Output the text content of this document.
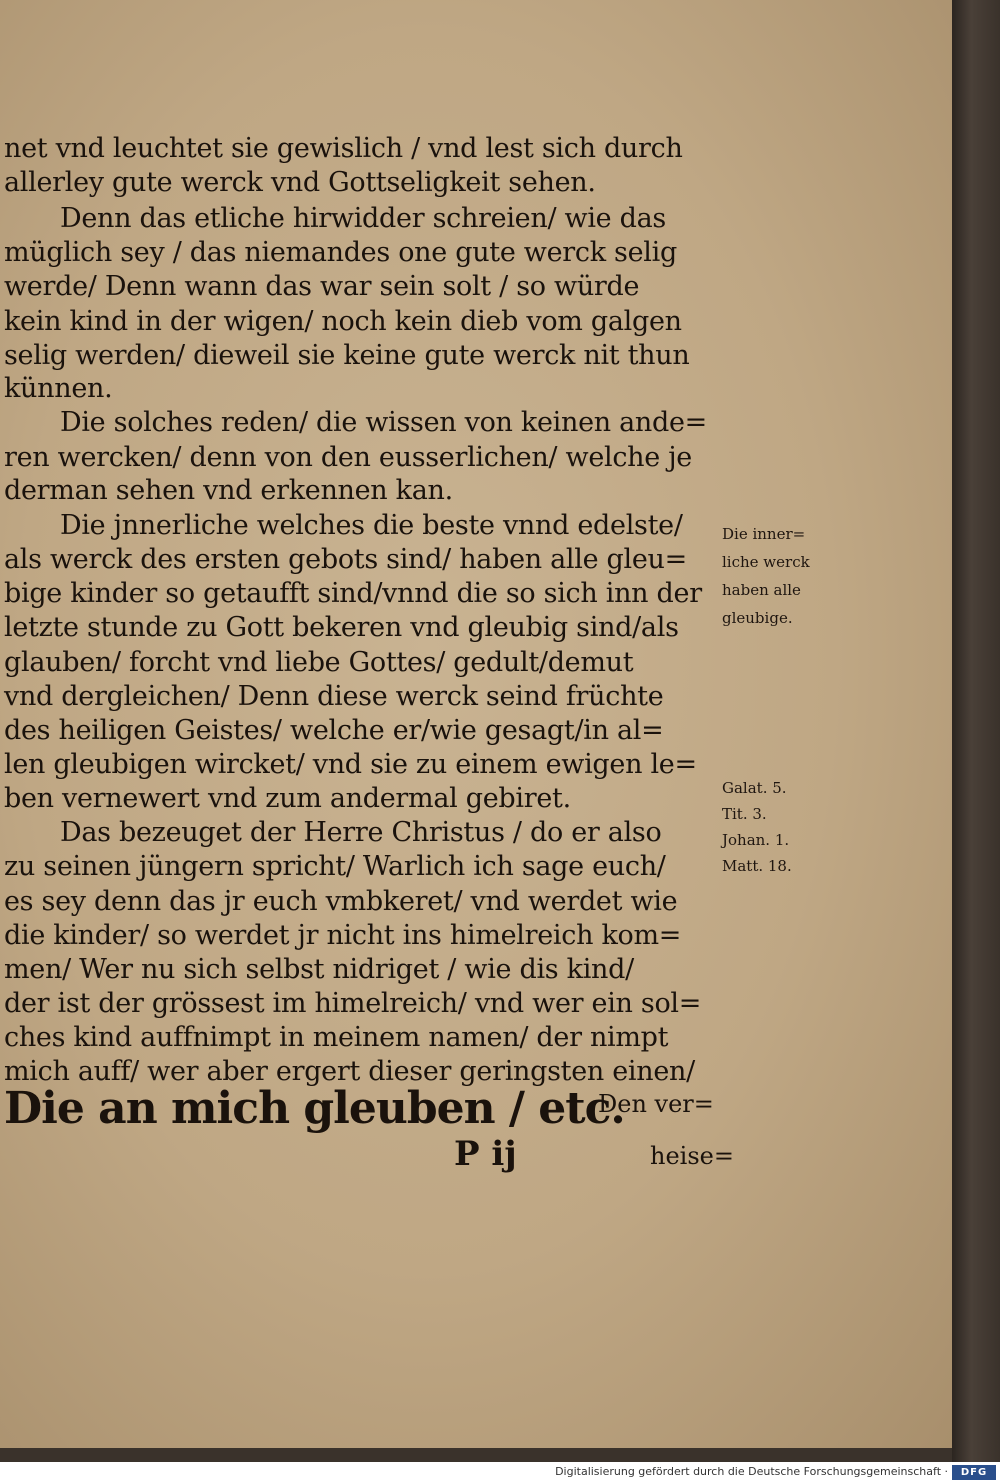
net vnd leuchtet sie gewislich / vnd lest sich durch
allerley gute werck vnd Gottseligkeit sehen.
Denn das etliche hirwidder schreien/ wie das
müglich sey / das niemandes one gute werck selig
werde/ Denn wann das war sein solt / so würde
kein kind in der wigen/ noch kein dieb vom galgen
selig werden/ dieweil sie keine gute werck nit thun
künnen.
Die solches reden/ die wissen von keinen ande=
ren wercken/ denn von den eusserlichen/ welche je
derman sehen vnd erkennen kan.
Die jnnerliche welches die beste vnnd edelste/
als werck des ersten gebots sind/ haben alle gleu=
bige kinder so getaufft sind/vnnd die so sich inn der
letzte stunde zu Gott bekeren vnd gleubig sind/als
glauben/ forcht vnd liebe Gottes/ gedult/demut
vnd dergleichen/ Denn diese werck seind früchte
des heiligen Geistes/ welche er/wie gesagt/in al=
len gleubigen wircket/ vnd sie zu einem ewigen le=
ben vernewert vnd zum andermal gebiret.
Das bezeuget der Herre Christus / do er also
zu seinen jüngern spricht/ Warlich ich sage euch/
es sey denn das jr euch vmbkeret/ vnd werdet wie
die kinder/ so werdet jr nicht ins himelreich kom=
men/ Wer nu sich selbst nidriget / wie dis kind/
der ist der grössest im himelreich/ vnd wer ein sol=
ches kind auffnimpt in meinem namen/ der nimpt
mich auff/ wer aber ergert dieser geringsten einen/
Die an mich gleuben / etc.
Den ver=
P ij	heise=
Die inner=
liche werck
haben alle
gleubige.
Galat. 5.
Tit. 3.
Johan. 1.
Matt. 18.
Digitalisierung gefördert durch die Deutsche Forschungsgemeinschaft ·	DFG
